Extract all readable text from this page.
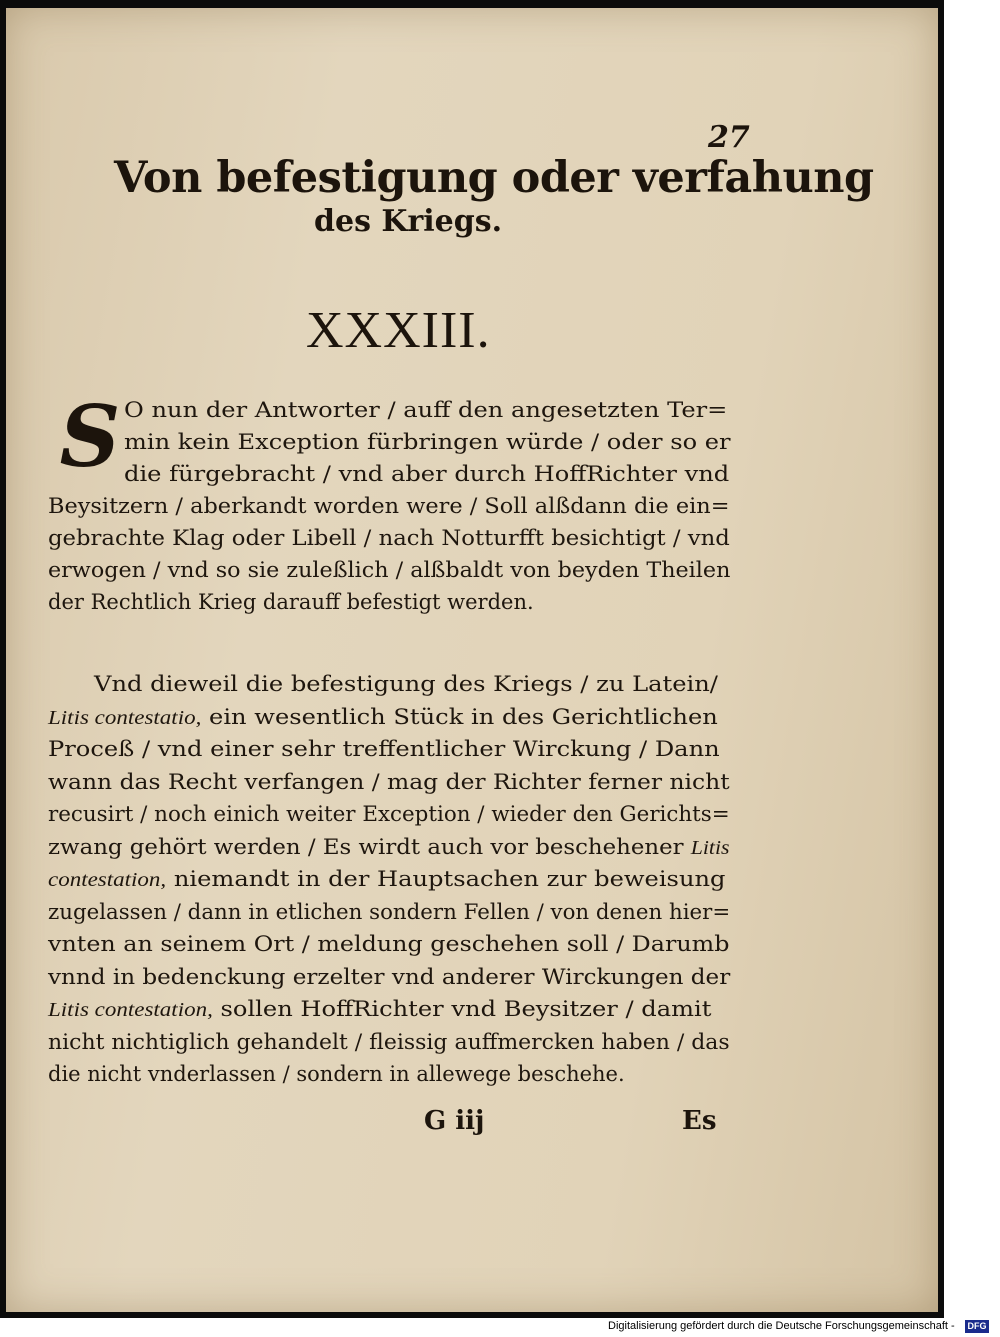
27
Von befestigung oder verfahung
des Kriegs.
XXXIII.
S O nun der Antworter / auff den angesetzten Ter=
min kein Exception fürbringen würde / oder so er
die fürgebracht / vnd aber durch HoffRichter vnd
Beysitzern / aberkandt worden were / Soll alßdann die ein=
gebrachte Klag oder Libell / nach Notturfft besichtigt / vnd
erwogen / vnd so sie zuleßlich / alßbaldt von beyden Theilen
der Rechtlich Krieg darauff befestigt werden.
Vnd dieweil die befestigung des Kriegs / zu Latein/
Litis contestatio, ein wesentlich Stück in des Gerichtlichen
Proceß / vnd einer sehr treffentlicher Wirckung / Dann
wann das Recht verfangen / mag der Richter ferner nicht
recusirt / noch einich weiter Exception / wieder den Gerichts=
zwang gehört werden / Es wirdt auch vor beschehener Litis
contestation, niemandt in der Hauptsachen zur beweisung
zugelassen / dann in etlichen sondern Fellen / von denen hier=
vnten an seinem Ort / meldung geschehen soll / Darumb
vnnd in bedenckung erzelter vnd anderer Wirckungen der
Litis contestation, sollen HoffRichter vnd Beysitzer / damit
nicht nichtiglich gehandelt / fleissig auffmercken haben / das
die nicht vnderlassen / sondern in allewege beschehe.
G iij	Es
Digitalisierung gefördert durch die Deutsche Forschungsgemeinschaft - DFG
